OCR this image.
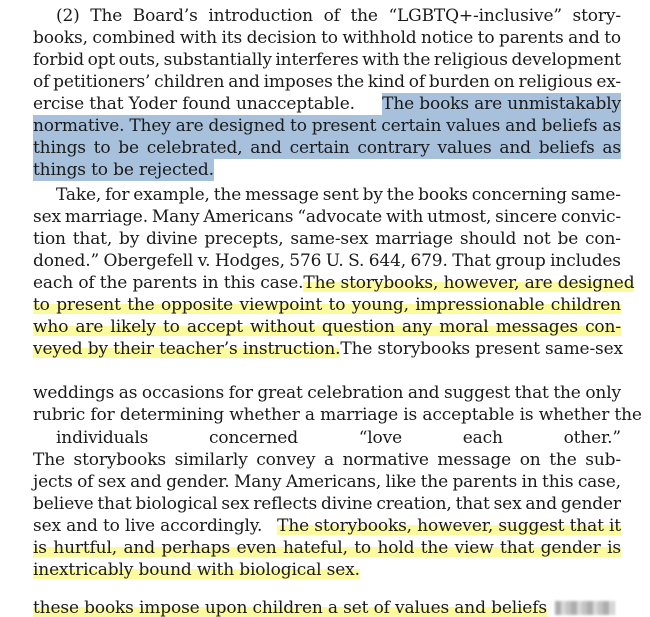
(2) The Board’s introduction of the “LGBTQ+-inclusive” story-
books, combined with its decision to withhold notice to parents and to
forbid opt outs, substantially interferes with the religious development
of petitioners’ children and imposes the kind of burden on religious ex-
ercise that Yoder found unacceptable. The books are unmistakably
normative. They are designed to present certain values and beliefs as
things to be celebrated, and certain contrary values and beliefs as
things to be rejected.
Take, for example, the message sent by the books concerning same-
sex marriage. Many Americans “advocate with utmost, sincere convic-
tion that, by divine precepts, same-sex marriage should not be con-
doned.” Obergefell v. Hodges, 576 U. S. 644, 679. That group includes
each of the parents in this case. The storybooks, however, are designed
to present the opposite viewpoint to young, impressionable children
who are likely to accept without question any moral messages con-
veyed by their teacher’s instruction. The storybooks present same-sex
weddings as occasions for great celebration and suggest that the only
rubric for determining whether a marriage is acceptable is whether the
individuals	concerned	“love	each	other.”
The storybooks similarly convey a normative message on the sub-
jects of sex and gender. Many Americans, like the parents in this case,
believe that biological sex reflects divine creation, that sex and gender
sex and to live accordingly. The storybooks, however, suggest that it
is hurtful, and perhaps even hateful, to hold the view that gender is
inextricably bound with biological sex.
these books impose upon children a set of values and beliefs
